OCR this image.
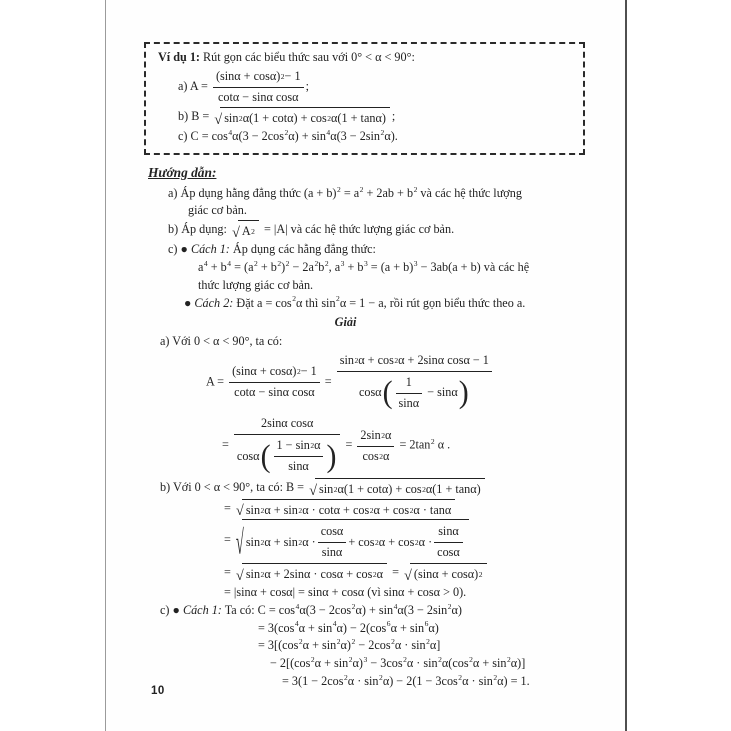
Ví dụ 1: Rút gọn các biểu thức sau với 0° < α < 90°:
a) $A = \frac{(\sin\alpha + \cos\alpha) 2 - 1}{\text{cotα − sinα cosα}}$ ;
b) B = √ sin 2 α(1 + cotα) + cos 2 α(1 + tanα) ;
c) $C = \cos^4\alpha(3 - 2\cos^2\alpha) + \sin^4\alpha(3 - 2\sin^2\alpha)$.
Hướng dẫn:
a) Áp dụng hằng đẳng thức $(a + b)^2 = a^2 + 2ab + b^2$ và các hệ thức lượng
giác cơ bản.
b) Áp dụng: √ A 2 = |A| và các hệ thức lượng giác cơ bản.
c) ● Cách 1: Áp dụng các hằng đẳng thức:
$a^4 + b^4 = (a^2 + b^2)^2 - 2a^2b^2$, $a^3 + b^3 = (a + b)^3 - 3ab(a + b)$ và các hệ
thức lượng giác cơ bản.
● Cách 2: Đặt $a = \cos^2\alpha$ thì $\sin^2\alpha = 1 - a$, rồi rút gọn biểu thức theo a.
Giải
a) Với 0 < α < 90°, ta có:
$A = \frac{(\sin\alpha + \cos\alpha) 2 - 1}{\text{cotα − sinα cosα}} = \frac{\text{sin 2 α + cos 2 α + 2sinα cosα − 1}}{\cos\alpha ( \frac{1}{\sin\alpha} - \sin\alpha )}$
= $\frac{\text{2sinα cosα}}{\cos\alpha ( \frac{1 - \sin 2 \alpha}{\sin\alpha} )} = \frac{2\sin 2 \alpha}{\cos 2 \alpha} = 2\tan^2$ α .
b) Với 0 < α < 90°, ta có: B = √ sin 2 α(1 + cotα) + cos 2 α(1 + tanα)
= √ sin 2 α + sin 2 α · cotα + cos 2 α + cos 2 α · tanα
= √ sin 2 α + sin 2 $\alpha \cdot \frac{\cos\alpha}{\sin\alpha} + \cos 2$ α + cos 2 $\alpha \cdot \frac{\sin\alpha}{\cos\alpha}$
= √ sin 2 α + 2sinα · cosα + cos 2 α = √ (sinα + cosα) 2
= |sinα + cosα| = sinα + cosα (vì sinα + cosα > 0).
c) ● Cách 1: Ta có: $C = \cos^4\alpha(3 - 2\cos^2\alpha) + \sin^4\alpha(3 - 2\sin^2\alpha)$
= $3(\cos^4\alpha + \sin^4\alpha) - 2(\cos^6\alpha + \sin^6\alpha)$
= $3[(\cos^2\alpha + \sin^2\alpha)^2 - 2\cos^2\alpha \cdot \sin^2\alpha]$
− $2[(\cos^2\alpha + \sin^2\alpha)^3 - 3\cos^2\alpha \cdot \sin^2\alpha(\cos^2\alpha + \sin^2\alpha)]$
= $3(1 - 2\cos^2\alpha \cdot \sin^2\alpha) - 2(1 - 3\cos^2\alpha \cdot \sin^2\alpha) = 1$.
10
